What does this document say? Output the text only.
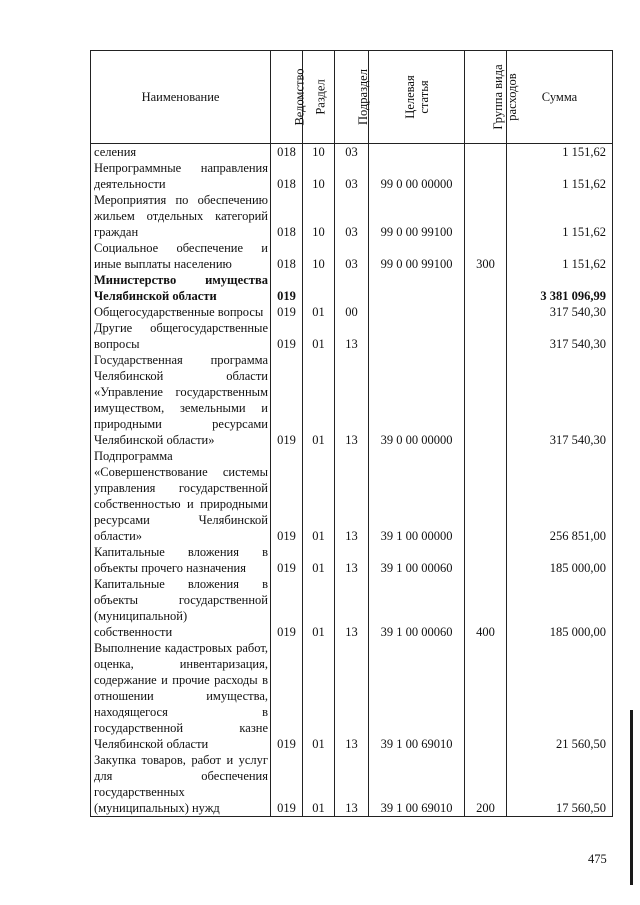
Наименование	Ведомство	Раздел	Подраздел	Целевая статья	Группа вида расходов	Сумма
селения	018	10	03			1 151,62
Непрограммные направления деятельности	018	10	03	99 0 00 00000		1 151,62
Мероприятия по обеспечению жильем отдельных категорий граждан	018	10	03	99 0 00 99100		1 151,62
Социальное обеспечение и иные выплаты населению	018	10	03	99 0 00 99100	300	1 151,62
Министерство имущества Челябинской области	019					3 381 096,99
Общегосударственные вопросы	019	01	00			317 540,30
Другие общегосударственные вопросы	019	01	13			317 540,30
Государственная программа Челябинской области «Управление государственным имуществом, земельными и природными ресурсами Челябинской области»	019	01	13	39 0 00 00000		317 540,30
Подпрограмма «Совершенствование системы управления государственной собственностью и природными ресурсами Челябинской области»	019	01	13	39 1 00 00000		256 851,00
Капитальные вложения в объекты прочего назначения	019	01	13	39 1 00 00060		185 000,00
Капитальные вложения в объекты государственной (муниципальной) собственности	019	01	13	39 1 00 00060	400	185 000,00
Выполнение кадастровых работ, оценка, инвентаризация, содержание и прочие расходы в отношении имущества, находящегося в государственной казне Челябинской области	019	01	13	39 1 00 69010		21 560,50
Закупка товаров, работ и услуг для обеспечения государственных (муниципальных) нужд	019	01	13	39 1 00 69010	200	17 560,50
475
